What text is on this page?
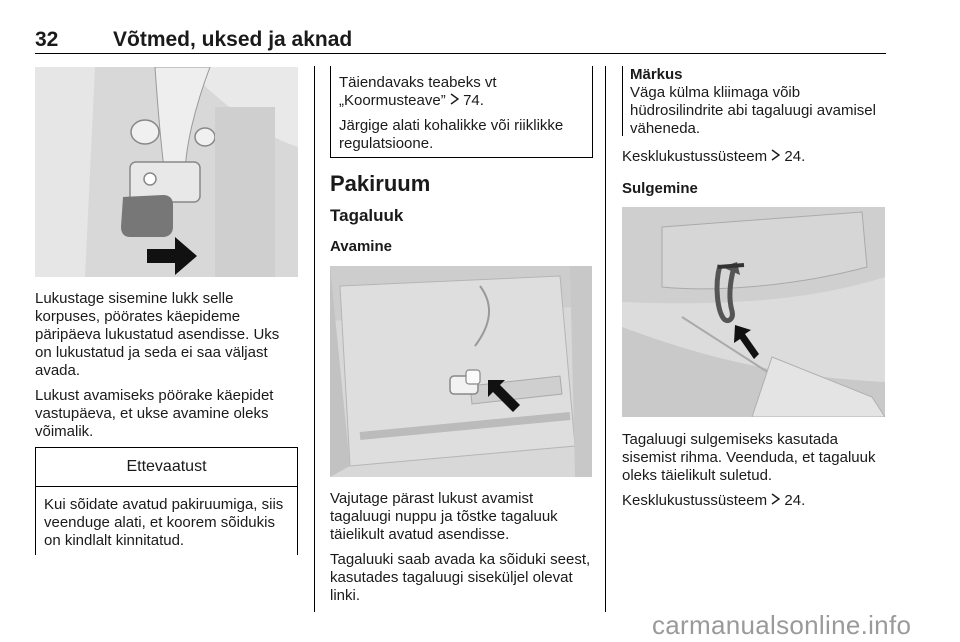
32	Võtmed, uksed ja aknad

Lukustage sisemine lukk selle korpuses, pöörates käepideme päripäeva lukustatud asendisse. Uks on lukustatud ja seda ei saa väljast avada.

Lukust avamiseks pöörake käepidet vastupäeva, et ukse avamine oleks võimalik.

Ettevaatust
Kui sõidate avatud pakiruumiga, siis veenduge alati, et koorem sõidukis on kindlalt kinnitatud.
Täiendavaks teabeks vt
„Koormusteave” 74.
Järgige alati kohalikke või riiklikke regulatsioone.
Pakiruum
Tagaluuk
Avamine

Vajutage pärast lukust avamist tagaluugi nuppu ja tõstke tagaluuk täielikult avatud asendisse.

Tagaluuki saab avada ka sõiduki seest, kasutades tagaluugi siseküljel olevat linki.

Märkus
Väga külma kliimaga võib hüdrosilindrite abi tagaluugi avamisel väheneda.
Kesklukustussüsteem 24.
Sulgemine

Tagaluugi sulgemiseks kasutada sisemist rihma. Veenduda, et tagaluuk oleks täielikult suletud.

Kesklukustussüsteem 24.

carmanualsonline.info
